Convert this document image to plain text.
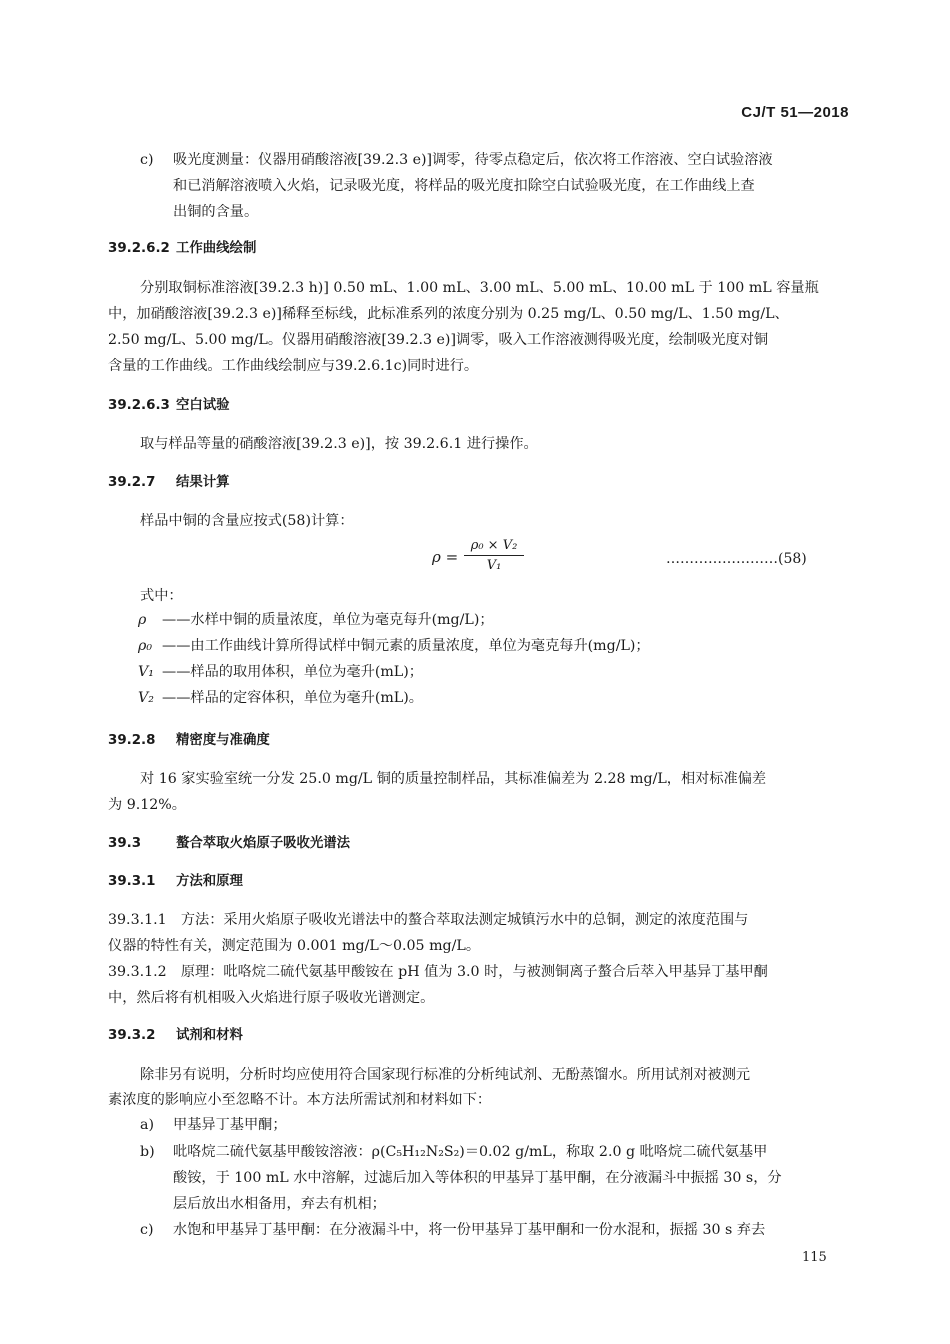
CJ/T 51—2018
c) 吸光度测量：仪器用硝酸溶液[39.2.3 e)]调零，待零点稳定后，依次将工作溶液、空白试验溶液
和已消解溶液喷入火焰，记录吸光度，将样品的吸光度扣除空白试验吸光度，在工作曲线上查
出铜的含量。
39.2.6.2 工作曲线绘制
分别取铜标准溶液[39.2.3 h)] 0.50 mL、1.00 mL、3.00 mL、5.00 mL、10.00 mL 于 100 mL 容量瓶
中，加硝酸溶液[39.2.3 e)]稀释至标线，此标准系列的浓度分别为 0.25 mg/L、0.50 mg/L、1.50 mg/L、
2.50 mg/L、5.00 mg/L。仪器用硝酸溶液[39.2.3 e)]调零，吸入工作溶液测得吸光度，绘制吸光度对铜
含量的工作曲线。工作曲线绘制应与39.2.6.1c)同时进行。
39.2.6.3 空白试验
取与样品等量的硝酸溶液[39.2.3 e)]，按 39.2.6.1 进行操作。
39.2.7 结果计算
样品中铜的含量应按式(58)计算：
ρ =
ρ₀ × V₂
V₁	……………………(58)
式中：
ρ ——水样中铜的质量浓度，单位为毫克每升(mg/L)；
ρ₀ ——由工作曲线计算所得试样中铜元素的质量浓度，单位为毫克每升(mg/L)；
V₁ ——样品的取用体积，单位为毫升(mL)；
V₂ ——样品的定容体积，单位为毫升(mL)。
39.2.8 精密度与准确度
对 16 家实验室统一分发 25.0 mg/L 铜的质量控制样品，其标准偏差为 2.28 mg/L，相对标准偏差
为 9.12%。
39.3	螯合萃取火焰原子吸收光谱法
39.3.1 方法和原理
39.3.1.1　方法：采用火焰原子吸收光谱法中的螯合萃取法测定城镇污水中的总铜，测定的浓度范围与
仪器的特性有关，测定范围为 0.001 mg/L～0.05 mg/L。
39.3.1.2　原理：吡咯烷二硫代氨基甲酸铵在 pH 值为 3.0 时，与被测铜离子螯合后萃入甲基异丁基甲酮
中，然后将有机相吸入火焰进行原子吸收光谱测定。
39.3.2 试剂和材料
除非另有说明，分析时均应使用符合国家现行标准的分析纯试剂、无酚蒸馏水。所用试剂对被测元
素浓度的影响应小至忽略不计。本方法所需试剂和材料如下：
a) 甲基异丁基甲酮；
b) 吡咯烷二硫代氨基甲酸铵溶液：ρ(C₅H₁₂N₂S₂)＝0.02 g/mL，称取 2.0 g 吡咯烷二硫代氨基甲
酸铵，于 100 mL 水中溶解，过滤后加入等体积的甲基异丁基甲酮，在分液漏斗中振摇 30 s，分
层后放出水相备用，弃去有机相；
c) 水饱和甲基异丁基甲酮：在分液漏斗中，将一份甲基异丁基甲酮和一份水混和，振摇 30 s 弃去
115
